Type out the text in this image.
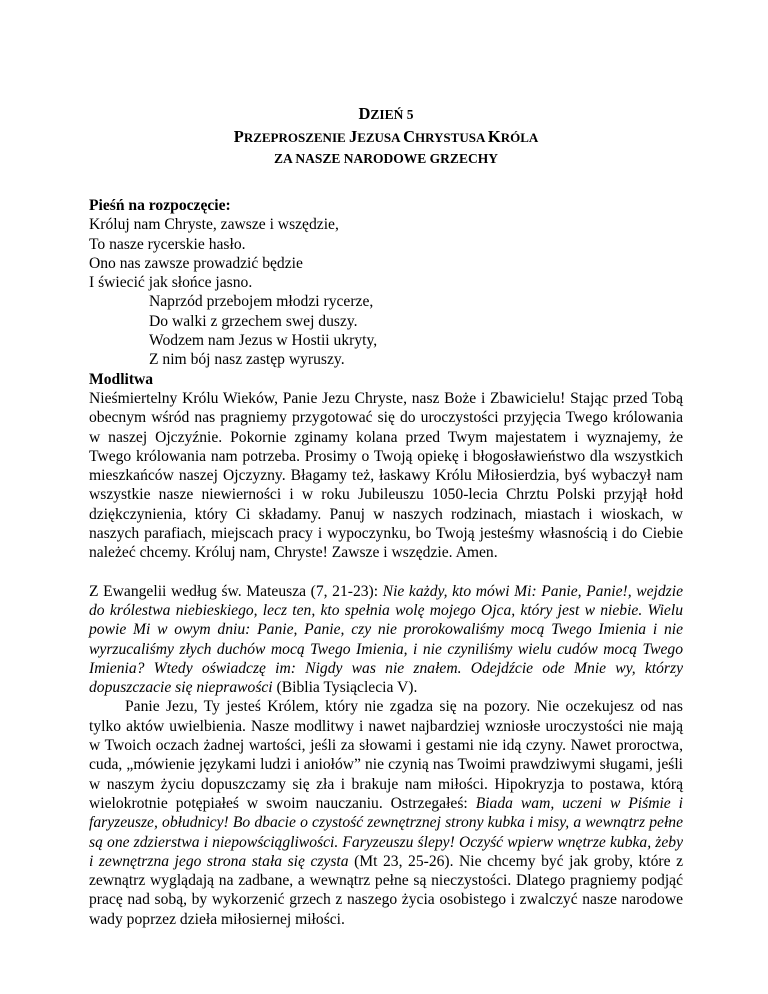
DZIEŃ 5

PRZEPROSZENIE JEZUSA CHRYSTUSA KRÓLA

ZA NASZE NARODOWE GRZECHY

Pieśń na rozpoczęcie:

Króluj nam Chryste, zawsze i wszędzie,

To nasze rycerskie hasło.

Ono nas zawsze prowadzić będzie

I świecić jak słońce jasno.

Naprzód przebojem młodzi rycerze,

Do walki z grzechem swej duszy.

Wodzem nam Jezus w Hostii ukryty,

Z nim bój nasz zastęp wyruszy.

Modlitwa

Nieśmiertelny Królu Wieków, Panie Jezu Chryste, nasz Boże i Zbawicielu! Stając przed Tobą obecnym wśród nas pragniemy przygotować się do uroczystości przyjęcia Twego królowania w naszej Ojczyźnie. Pokornie zginamy kolana przed Twym majestatem i wyznajemy, że Twego królowania nam potrzeba. Prosimy o Twoją opiekę i błogosławieństwo dla wszystkich mieszkańców naszej Ojczyzny. Błagamy też, łaskawy Królu Miłosierdzia, byś wybaczył nam wszystkie nasze niewierności i w roku Jubileuszu 1050-lecia Chrztu Polski przyjął hołd dziękczynienia, który Ci składamy. Panuj w naszych rodzinach, miastach i wioskach, w naszych parafiach, miejscach pracy i wypoczynku, bo Twoją jesteśmy własnością i do Ciebie należeć chcemy. Króluj nam, Chryste! Zawsze i wszędzie. Amen.

Z Ewangelii według św. Mateusza (7, 21-23): Nie każdy, kto mówi Mi: Panie, Panie!, wejdzie do królestwa niebieskiego, lecz ten, kto spełnia wolę mojego Ojca, który jest w niebie. Wielu powie Mi w owym dniu: Panie, Panie, czy nie prorokowaliśmy mocą Twego Imienia i nie wyrzucaliśmy złych duchów mocą Twego Imienia, i nie czyniliśmy wielu cudów mocą Twego Imienia? Wtedy oświadczę im: Nigdy was nie znałem. Odejdźcie ode Mnie wy, którzy dopuszczacie się nieprawości (Biblia Tysiąclecia V).

Panie Jezu, Ty jesteś Królem, który nie zgadza się na pozory. Nie oczekujesz od nas tylko aktów uwielbienia. Nasze modlitwy i nawet najbardziej wzniosłe uroczystości nie mają w Twoich oczach żadnej wartości, jeśli za słowami i gestami nie idą czyny. Nawet proroctwa, cuda, „mówienie językami ludzi i aniołów” nie czynią nas Twoimi prawdziwymi sługami, jeśli w naszym życiu dopuszczamy się zła i brakuje nam miłości. Hipokryzja to postawa, którą wielokrotnie potępiałeś w swoim nauczaniu. Ostrzegałeś: Biada wam, uczeni w Piśmie i faryzeusze, obłudnicy! Bo dbacie o czystość zewnętrznej strony kubka i misy, a wewnątrz pełne są one zdzierstwa i niepowściągliwości. Faryzeuszu ślepy! Oczyść wpierw wnętrze kubka, żeby i zewnętrzna jego strona stała się czysta (Mt 23, 25-26). Nie chcemy być jak groby, które z zewnątrz wyglądają na zadbane, a wewnątrz pełne są nieczystości. Dlatego pragniemy podjąć pracę nad sobą, by wykorzenić grzech z naszego życia osobistego i zwalczyć nasze narodowe wady poprzez dzieła miłosiernej miłości.
